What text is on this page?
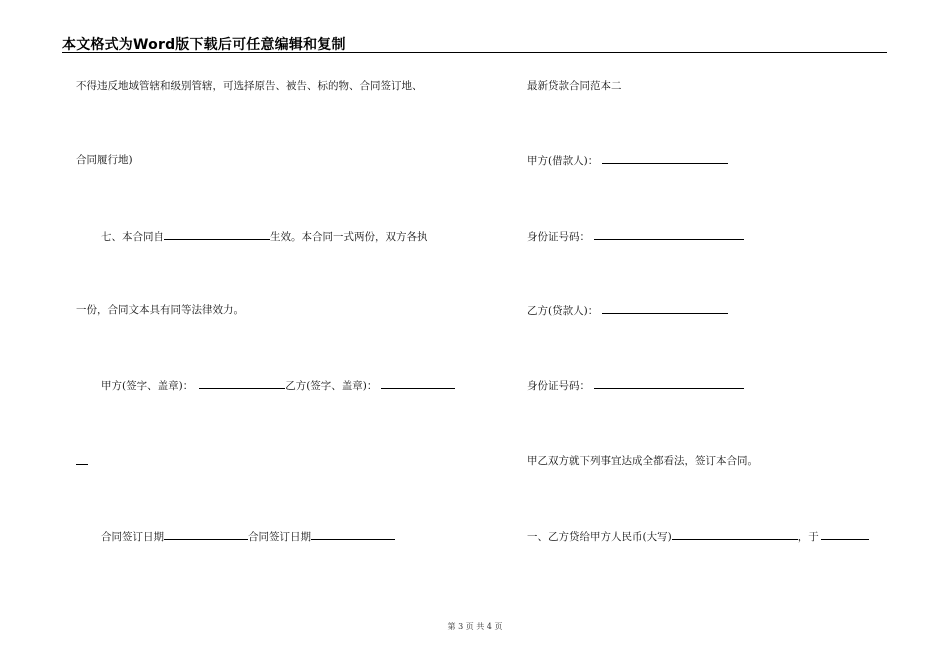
本文格式为Word版下载后可任意编辑和复制
不得违反地域管辖和级别管辖，可选择原告、被告、标的物、合同签订地、
合同履行地)
七、本合同自	生效。本合同一式两份，双方各执
一份，合同文本具有同等法律效力。
甲方(签字、盖章)：	乙方(签字、盖章)：
合同签订日期	合同签订日期
最新贷款合同范本二
甲方(借款人)：
身份证号码：
乙方(贷款人)：
身份证号码：
甲乙双方就下列事宜达成全都看法，签订本合同。
一、乙方贷给甲方人民币(大写)	，于
第 3 页 共 4 页
